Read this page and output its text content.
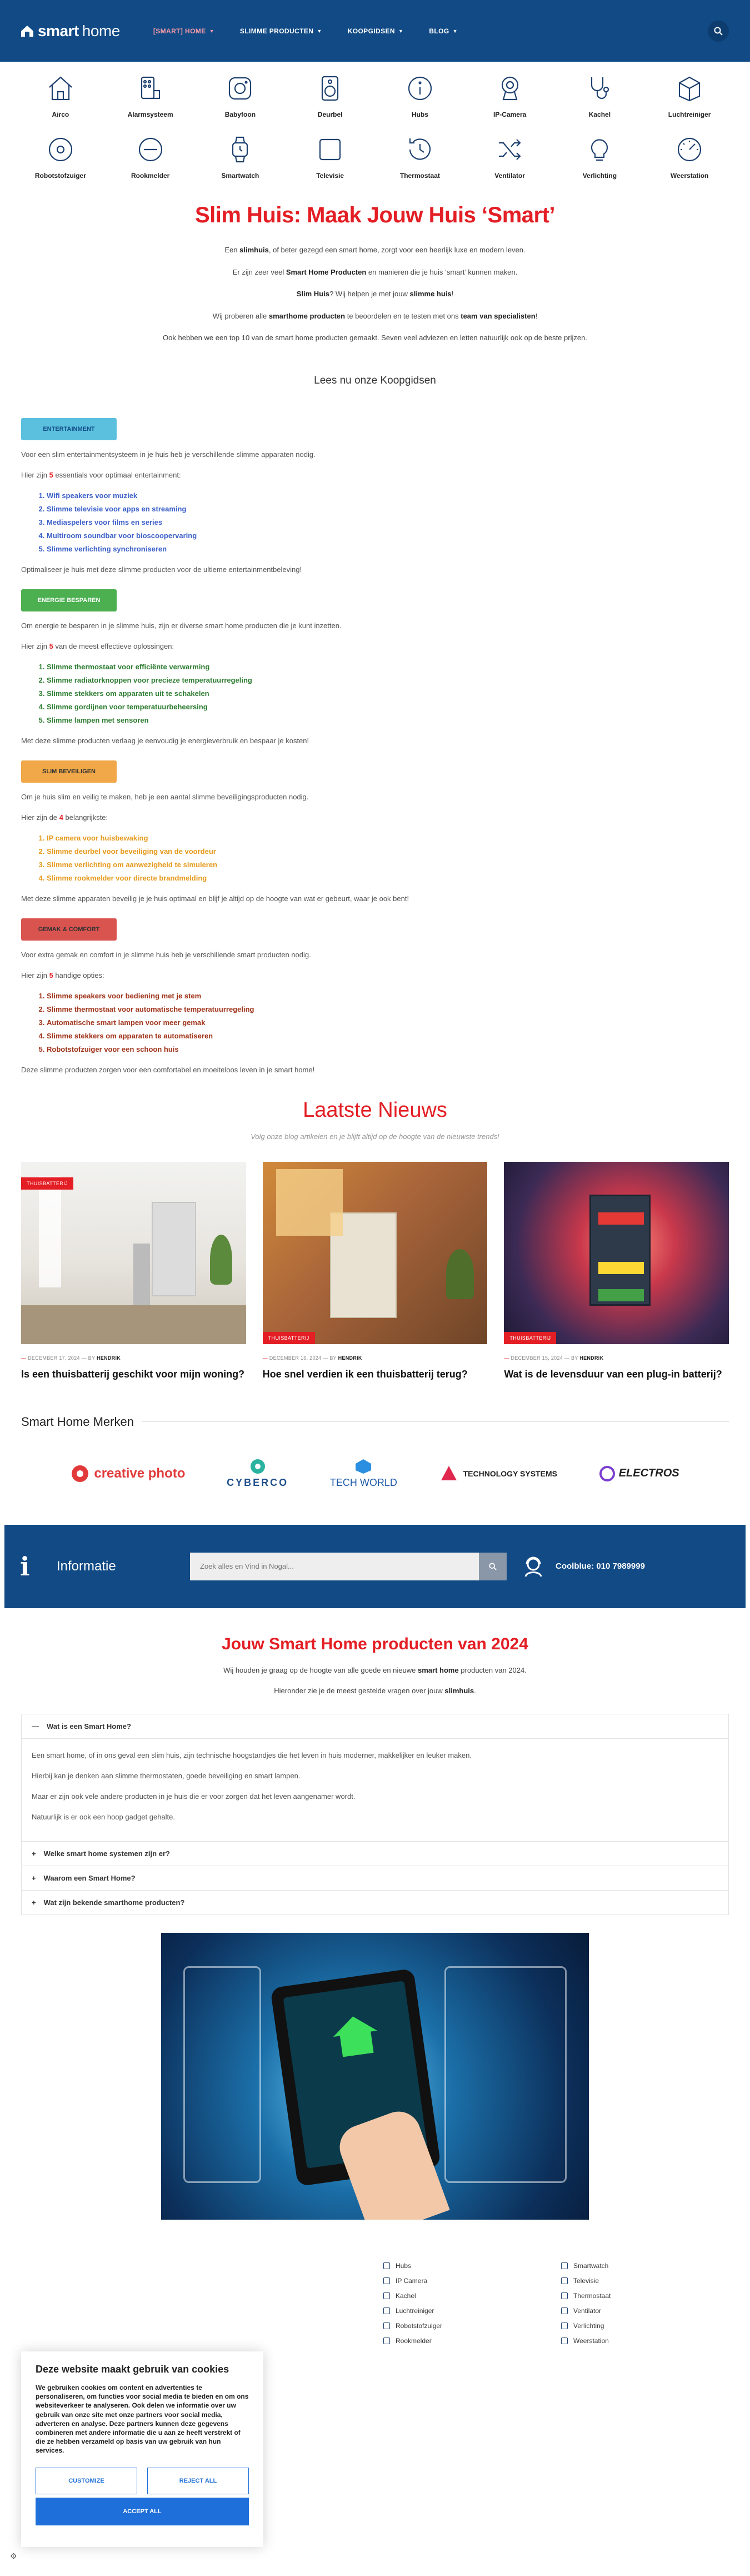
smart home	[SMART] HOME ▼	SLIMME PRODUCTEN ▼	KOOPGIDSEN ▼	BLOG ▼
Airco	Alarmsysteem	Babyfoon	Deurbel	Hubs	IP-Camera	Kachel	Luchtreiniger
Robotstofzuiger	Rookmelder	Smartwatch	Televisie	Thermostaat	Ventilator	Verlichting	Weerstation
Slim Huis: Maak Jouw Huis ‘Smart’

Een slimhuis, of beter gezegd een smart home, zorgt voor een heerlijk luxe en modern leven.

Er zijn zeer veel Smart Home Producten en manieren die je huis ‘smart’ kunnen maken.

Slim Huis? Wij helpen je met jouw slimme huis!

Wij proberen alle smarthome producten te beoordelen en te testen met ons team van specialisten!

Ook hebben we een top 10 van de smart home producten gemaakt. Seven veel adviezen en letten natuurlijk ook op de beste prijzen.

Lees nu onze Koopgidsen
ENTERTAINMENT

Voor een slim entertainmentsysteem in je huis heb je verschillende slimme apparaten nodig.

Hier zijn 5 essentials voor optimaal entertainment:

1. Wifi speakers voor muziek
2. Slimme televisie voor apps en streaming
3. Mediaspelers voor films en series
4. Multiroom soundbar voor bioscoopervaring
5. Slimme verlichting synchroniseren

Optimaliseer je huis met deze slimme producten voor de ultieme entertainmentbeleving!

ENERGIE BESPAREN

Om energie te besparen in je slimme huis, zijn er diverse smart home producten die je kunt inzetten.

Hier zijn 5 van de meest effectieve oplossingen:

1. Slimme thermostaat voor efficiënte verwarming
2. Slimme radiatorknoppen voor precieze temperatuurregeling
3. Slimme stekkers om apparaten uit te schakelen
4. Slimme gordijnen voor temperatuurbeheersing
5. Slimme lampen met sensoren

Met deze slimme producten verlaag je eenvoudig je energieverbruik en bespaar je kosten!

SLIM BEVEILIGEN

Om je huis slim en veilig te maken, heb je een aantal slimme beveiligingsproducten nodig.

Hier zijn de 4 belangrijkste:

1. IP camera voor huisbewaking
2. Slimme deurbel voor beveiliging van de voordeur
3. Slimme verlichting om aanwezigheid te simuleren
4. Slimme rookmelder voor directe brandmelding

Met deze slimme apparaten beveilig je je huis optimaal en blijf je altijd op de hoogte van wat er gebeurt, waar je ook bent!

GEMAK & COMFORT

Voor extra gemak en comfort in je slimme huis heb je verschillende smart producten nodig.

Hier zijn 5 handige opties:

1. Slimme speakers voor bediening met je stem
2. Slimme thermostaat voor automatische temperatuurregeling
3. Automatische smart lampen voor meer gemak
4. Slimme stekkers om apparaten te automatiseren
5. Robotstofzuiger voor een schoon huis

Deze slimme producten zorgen voor een comfortabel en moeiteloos leven in je smart home!

Laatste Nieuws
Volg onze blog artikelen en je blijft altijd op de hoogte van de nieuwste trends!
THUISBATTERIJ
— DECEMBER 17, 2024 — BY HENDRIK
Is een thuisbatterij geschikt voor mijn woning?
THUISBATTERIJ
— DECEMBER 16, 2024 — BY HENDRIK
Hoe snel verdien ik een thuisbatterij terug?
THUISBATTERIJ
— DECEMBER 15, 2024 — BY HENDRIK
Wat is de levensduur van een plug-in batterij?
Smart Home Merken
creative photo
CYBERCO	TECH WORLD
TECHNOLOGY SYSTEMS	ELECTROS
i	Informatie
Zoek alles en Vind in Nogal...	Coolblue: 010 7989999
Jouw Smart Home producten van 2024
Wij houden je graag op de hoogte van alle goede en nieuwe smart home producten van 2024.
Hieronder zie je de meest gestelde vragen over jouw slimhuis.
— Wat is een Smart Home?

Een smart home, of in ons geval een slim huis, zijn technische hoogstandjes die het leven in huis moderner, makkelijker en leuker maken.

Hierbij kan je denken aan slimme thermostaten, goede beveiliging en smart lampen.

Maar er zijn ook vele andere producten in je huis die er voor zorgen dat het leven aangenamer wordt.

Natuurlijk is er ook een hoop gadget gehalte.

+ Welke smart home systemen zijn er?
+ Waarom een Smart Home?
+ Wat zijn bekende smarthome producten?
Hubs
IP Camera
Kachel
Luchtreiniger
Robotstofzuiger
Rookmelder
Smartwatch
Televisie
Thermostaat
Ventilator
Verlichting
Weerstation
Deze website maakt gebruik van cookies

We gebruiken cookies om content en advertenties te personaliseren, om functies voor social media te bieden en om ons websiteverkeer te analyseren. Ook delen we informatie over uw gebruik van onze site met onze partners voor social media, adverteren en analyse. Deze partners kunnen deze gegevens combineren met andere informatie die u aan ze heeft verstrekt of die ze hebben verzameld op basis van uw gebruik van hun services.

CUSTOMIZE	REJECT ALL
ACCEPT ALL
⚙
